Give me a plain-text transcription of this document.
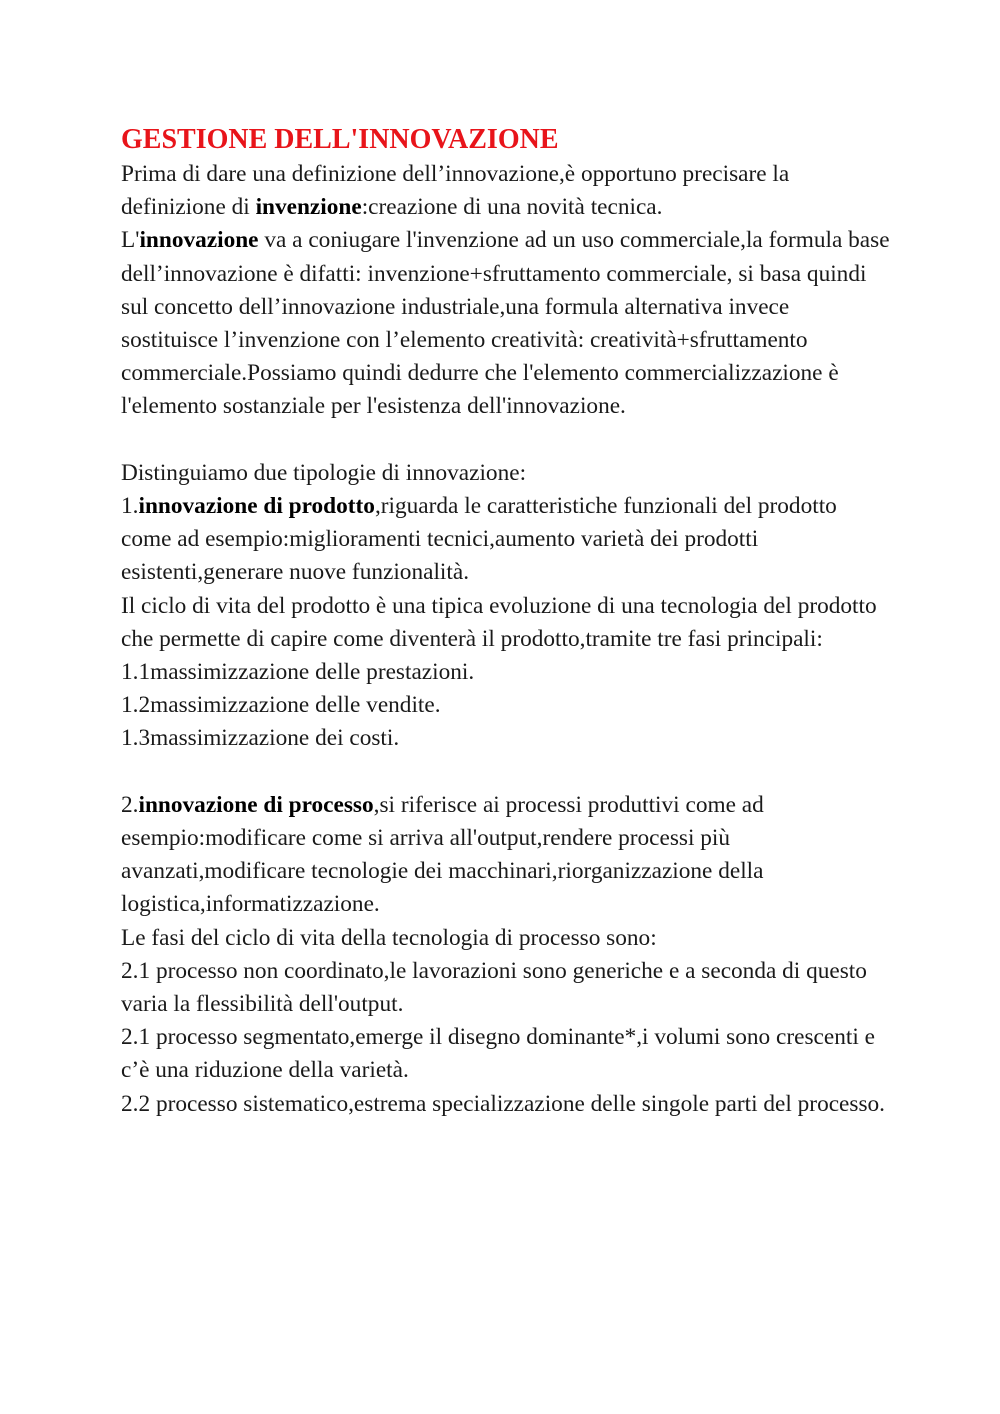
GESTIONE DELL'INNOVAZIONE

Prima di dare una definizione dell’innovazione,è opportuno precisare la definizione di invenzione:creazione di una novità tecnica.

L'innovazione va a coniugare l'invenzione ad un uso commerciale,la formula base dell’innovazione è difatti: invenzione+sfruttamento commerciale, si basa quindi sul concetto dell’innovazione industriale,una formula alternativa invece sostituisce l’invenzione con l’elemento creatività: creatività+sfruttamento commerciale.Possiamo quindi dedurre che l'elemento commercializzazione è l'elemento sostanziale per l'esistenza dell'innovazione.

Distinguiamo due tipologie di innovazione:

1.innovazione di prodotto,riguarda le caratteristiche funzionali del prodotto come ad esempio:miglioramenti tecnici,aumento varietà dei prodotti esistenti,generare nuove funzionalità.

Il ciclo di vita del prodotto è una tipica evoluzione di una tecnologia del prodotto che permette di capire come diventerà il prodotto,tramite tre fasi principali:

1.1massimizzazione delle prestazioni.

1.2massimizzazione delle vendite.

1.3massimizzazione dei costi.

2.innovazione di processo,si riferisce ai processi produttivi come ad esempio:modificare come si arriva all'output,rendere processi più avanzati,modificare tecnologie dei macchinari,riorganizzazione della logistica,informatizzazione.

Le fasi del ciclo di vita della tecnologia di processo sono:

2.1 processo non coordinato,le lavorazioni sono generiche e a seconda di questo varia la flessibilità dell'output.

2.1 processo segmentato,emerge il disegno dominante*,i volumi sono crescenti e c’è una riduzione della varietà.

2.2 processo sistematico,estrema specializzazione delle singole parti del processo.
